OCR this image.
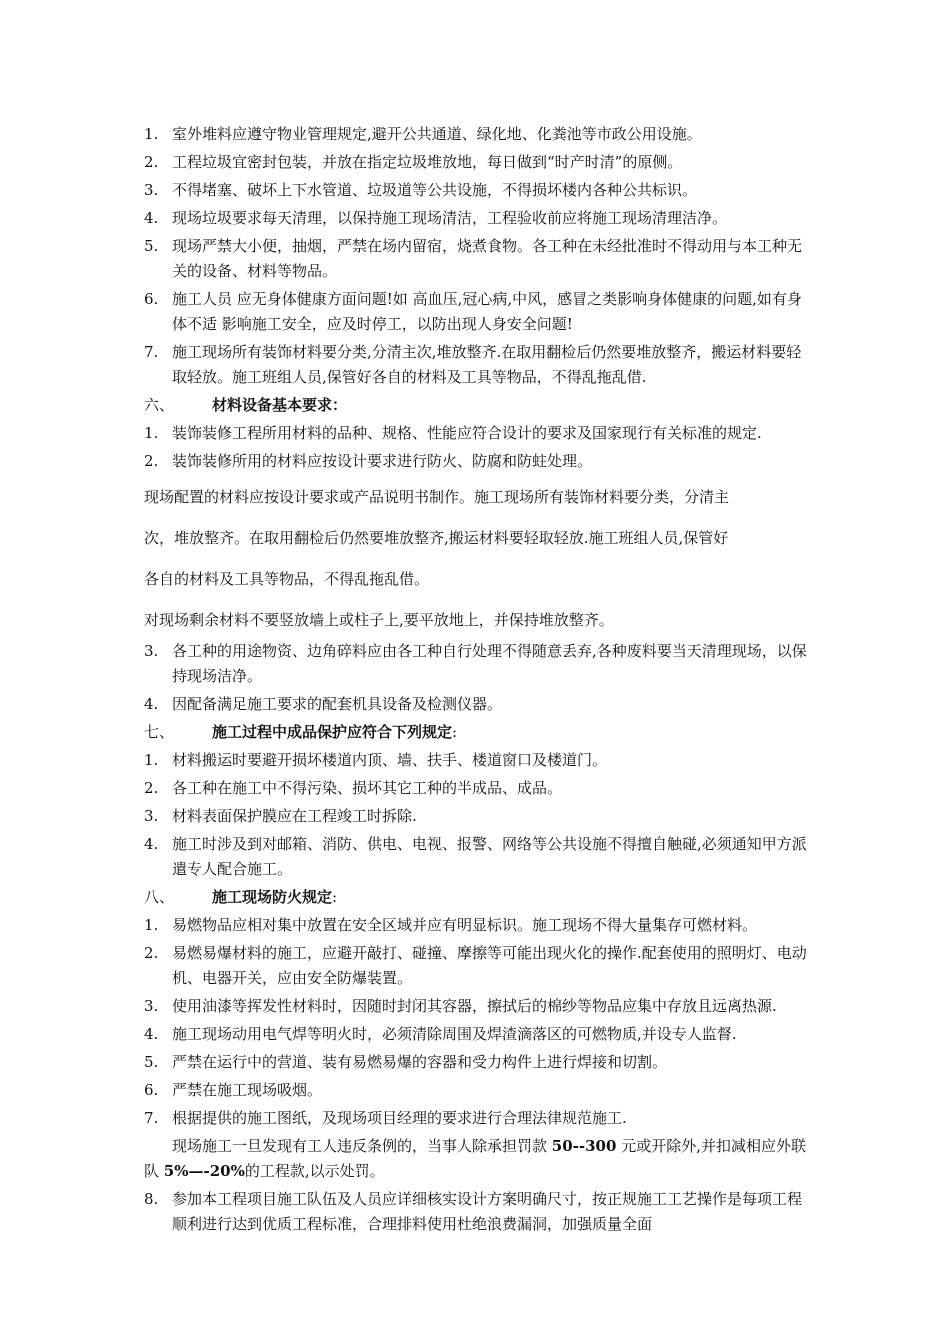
1. 室外堆料应遵守物业管理规定,避开公共通道、绿化地、化粪池等市政公用设施。
2. 工程垃圾宜密封包装，并放在指定垃圾堆放地，每日做到“时产时清”的原侧。
3. 不得堵塞、破坏上下水管道、垃圾道等公共设施，不得损坏楼内各种公共标识。
4. 现场垃圾要求每天清理，以保持施工现场清洁，工程验收前应将施工现场清理洁净。
5. 现场严禁大小便，抽烟，严禁在场内留宿，烧煮食物。各工种在未经批准时不得动用与本工种无关的设备、材料等物品。
6. 施工人员 应无身体健康方面问题!如 高血压,冠心病,中风，感冒之类影响身体健康的问题,如有身体不适 影响施工安全，应及时停工，以防出现人身安全问题!
7. 施工现场所有装饰材料要分类,分清主次,堆放整齐.在取用翻检后仍然要堆放整齐，搬运材料要轻取轻放。施工班组人员,保管好各自的材料及工具等物品，不得乱拖乱借.
六、	材料设备基本要求：
1. 装饰装修工程所用材料的品种、规格、性能应符合设计的要求及国家现行有关标准的规定.
2. 装饰装修所用的材料应按设计要求进行防火、防腐和防蛀处理。
现场配置的材料应按设计要求或产品说明书制作。施工现场所有装饰材料要分类，分清主
次，堆放整齐。在取用翻检后仍然要堆放整齐,搬运材料要轻取轻放.施工班组人员,保管好
各自的材料及工具等物品，不得乱拖乱借。
对现场剩余材料不要竖放墙上或柱子上,要平放地上，并保持堆放整齐。
3. 各工种的用途物资、边角碎料应由各工种自行处理不得随意丢弃,各种废料要当天清理现场，以保持现场洁净。
4. 因配备满足施工要求的配套机具设备及检测仪器。
七、	施工过程中成品保护应符合下列规定:
1. 材料搬运时要避开损坏楼道内顶、墙、扶手、楼道窗口及楼道门。
2. 各工种在施工中不得污染、损坏其它工种的半成品、成品。
3. 材料表面保护膜应在工程竣工时拆除.
4. 施工时涉及到对邮箱、消防、供电、电视、报警、网络等公共设施不得擅自触碰,必须通知甲方派遣专人配合施工。
八、	施工现场防火规定:
1. 易燃物品应相对集中放置在安全区域并应有明显标识。施工现场不得大量集存可燃材料。
2. 易燃易爆材料的施工，应避开敲打、碰撞、摩擦等可能出现火化的操作.配套使用的照明灯、电动机、电器开关，应由安全防爆装置。
3. 使用油漆等挥发性材料时，因随时封闭其容器，擦拭后的棉纱等物品应集中存放且远离热源.
4. 施工现场动用电气焊等明火时，必须清除周围及焊渣滴落区的可燃物质,并设专人监督.
5. 严禁在运行中的营道、装有易燃易爆的容器和受力构件上进行焊接和切割。
6. 严禁在施工现场吸烟。
7. 根据提供的施工图纸，及现场项目经理的要求进行合理法律规范施工.
现场施工一旦发现有工人违反条例的，当事人除承担罚款 50--300 元或开除外,并扣减相应外联队 5%—-20%的工程款,以示处罚。
8. 参加本工程项目施工队伍及人员应详细核实设计方案明确尺寸，按正规施工工艺操作是每项工程顺利进行达到优质工程标准，合理排料使用杜绝浪费漏洞，加强质量全面
